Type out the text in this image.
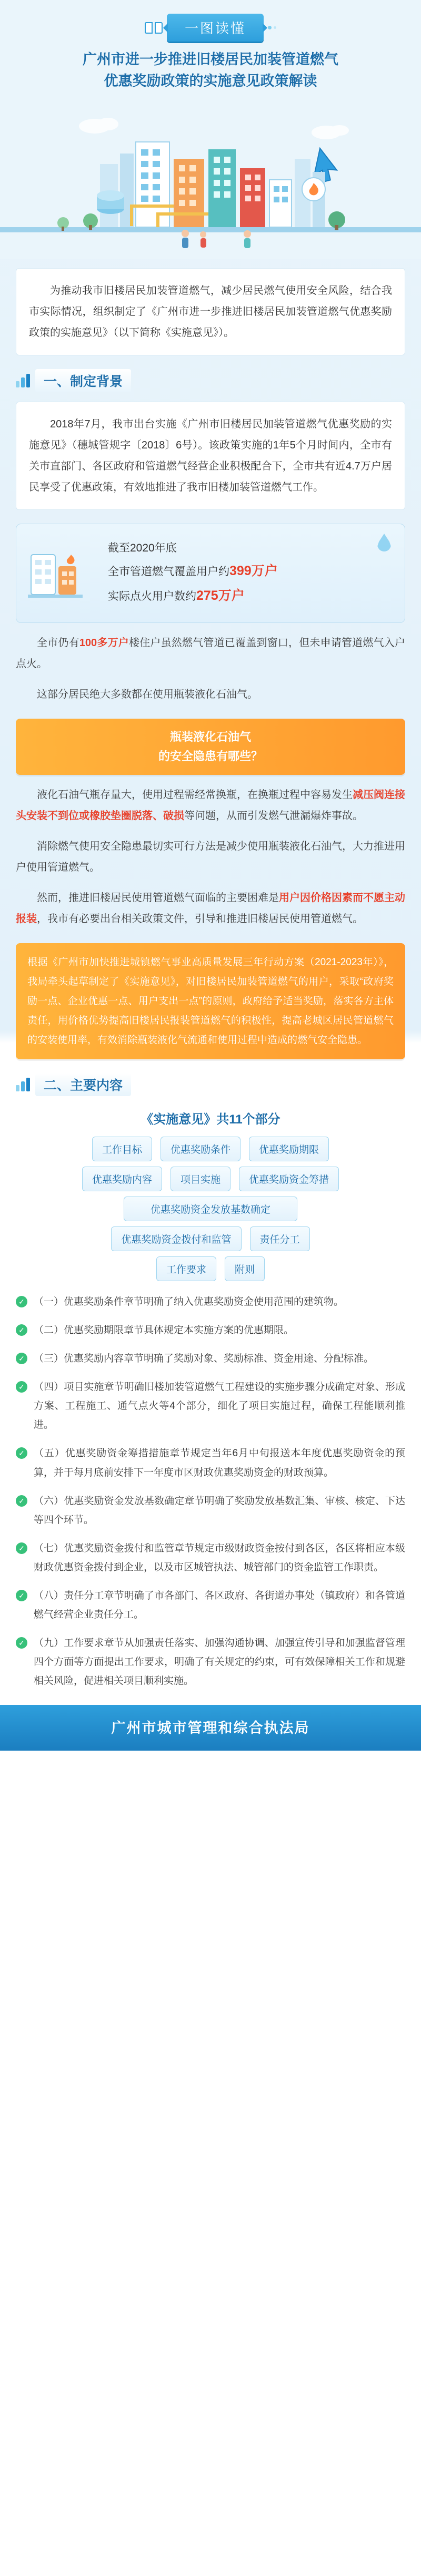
一图读懂
广州市进一步推进旧楼居民加装管道燃气
优惠奖励政策的实施意见政策解读
为推动我市旧楼居民加装管道燃气，减少居民燃气使用安全风险，结合我市实际情况，组织制定了《广州市进一步推进旧楼居民加装管道燃气优惠奖励政策的实施意见》（以下简称《实施意见》）。
一、制定背景
2018年7月，我市出台实施《广州市旧楼居民加装管道燃气优惠奖励的实施意见》（穗城管规字〔2018〕6号）。该政策实施的1年5个月时间内，全市有关市直部门、各区政府和管道燃气经营企业积极配合下，全市共有近4.7万户居民享受了优惠政策，有效地推进了我市旧楼加装管道燃气工作。
截至2020年底
全市管道燃气覆盖用户约399万户
实际点火用户数约275万户
全市仍有100多万户楼住户虽然燃气管道已覆盖到窗口，但未申请管道燃气入户点火。
这部分居民绝大多数都在使用瓶装液化石油气。
瓶装液化石油气
的安全隐患有哪些？
液化石油气瓶存量大，使用过程需经常换瓶，在换瓶过程中容易发生减压阀连接头安装不到位或橡胶垫圈脱落、破损等问题，从而引发燃气泄漏爆炸事故。
消除燃气使用安全隐患最切实可行方法是减少使用瓶装液化石油气，大力推进用户使用管道燃气。
然而，推进旧楼居民使用管道燃气面临的主要困难是用户因价格因素而不愿主动报装，我市有必要出台相关政策文件，引导和推进旧楼居民使用管道燃气。
根据《广州市加快推进城镇燃气事业高质量发展三年行动方案（2021-2023年）》，我局牵头起草制定了《实施意见》，对旧楼居民加装管道燃气的用户，采取“政府奖励一点、企业优惠一点、用户支出一点”的原则，政府给予适当奖励，落实各方主体责任，用价格优势提高旧楼居民报装管道燃气的积极性，提高老城区居民管道燃气的安装使用率，有效消除瓶装液化气流通和使用过程中造成的燃气安全隐患。
二、主要内容
《实施意见》共11个部分
工作目标	优惠奖励条件	优惠奖励期限
优惠奖励内容	项目实施	优惠奖励资金筹措
优惠奖励资金发放基数确定
优惠奖励资金拨付和监管	责任分工
工作要求	附则
✓ （一）优惠奖励条件章节明确了纳入优惠奖励资金使用范围的建筑物。

✓ （二）优惠奖励期限章节具体规定本实施方案的优惠期限。

✓ （三）优惠奖励内容章节明确了奖励对象、奖励标准、资金用途、分配标准。

✓ （四）项目实施章节明确旧楼加装管道燃气工程建设的实施步骤分成确定对象、形成方案、工程施工、通气点火等4个部分，细化了项目实施过程，确保工程能顺利推进。

✓ （五）优惠奖励资金筹措措施章节规定当年6月中旬报送本年度优惠奖励资金的预算，并于每月底前安排下一年度市区财政优惠奖励资金的财政预算。

✓ （六）优惠奖励资金发放基数确定章节明确了奖励发放基数汇集、审核、核定、下达等四个环节。

✓ （七）优惠奖励资金拨付和监管章节规定市级财政资金按付到各区，各区将相应本级财政优惠资金拨付到企业，以及市区城管执法、城管部门的资金监管工作职责。

✓ （八）责任分工章节明确了市各部门、各区政府、各街道办事处（镇政府）和各管道燃气经营企业责任分工。

✓ （九）工作要求章节从加强责任落实、加强沟通协调、加强宣传引导和加强监督管理四个方面等方面提出工作要求，明确了有关规定的约束，可有效保障相关工作和规避相关风险，促进相关项目顺利实施。

广州市城市管理和综合执法局
